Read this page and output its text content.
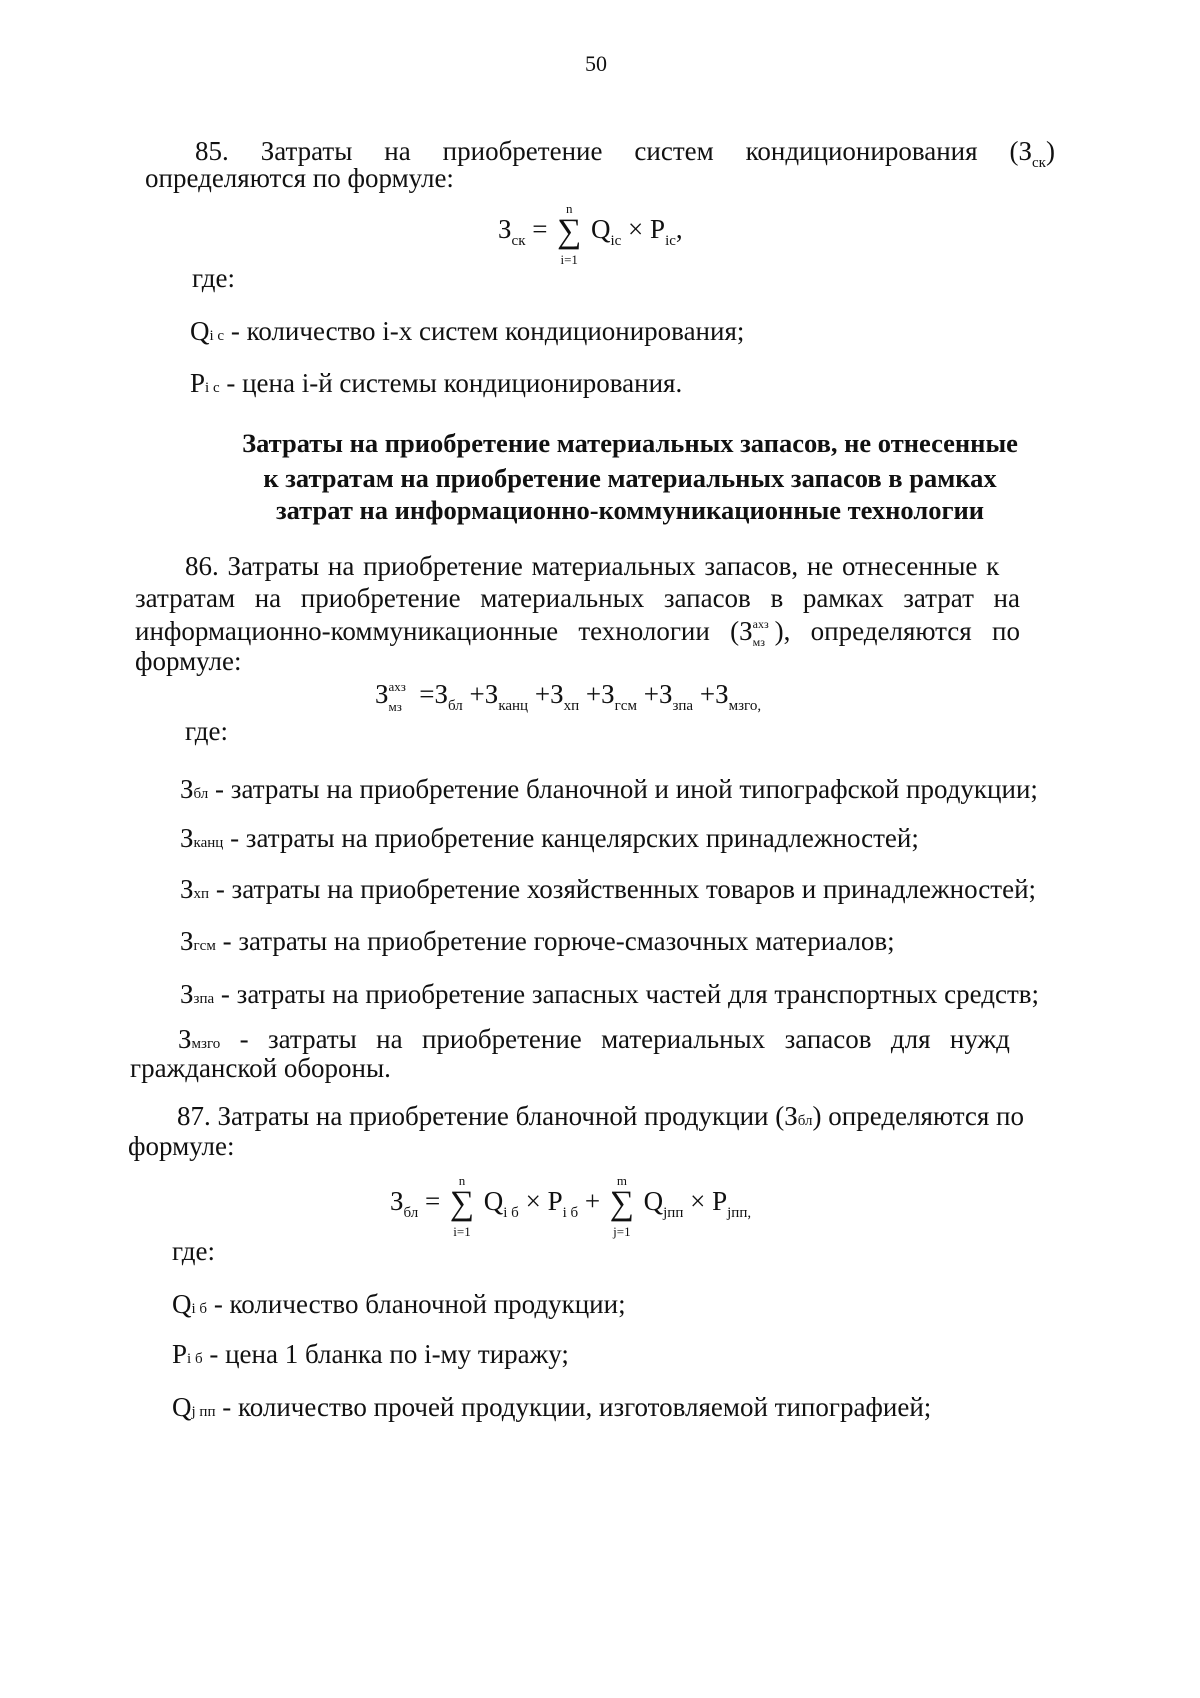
50
85. Затраты на приобретение систем кондиционирования $(З_{ск})$
определяются по формуле:
$З_{ск}$ = ∑
n
i=1
$Q_{ic} \times P_{ic}$,
где:
Qi c - количество i-х систем кондиционирования;
Pi c - цена i-й системы кондиционирования.
Затраты на приобретение материальных запасов, не отнесенные
к затратам на приобретение материальных запасов в рамках
затрат на информационно-коммуникационные технологии
86. Затраты на приобретение материальных запасов, не отнесенные к
затратам на приобретение материальных запасов в рамках затрат на
информационно-коммуникационные технологии (З axз
мз ), определяются по
формуле:
З axз
мз $=З_{бл} +З_{канц} +З_{хп} +З_{гсм} +З_{зпа} +З_{мзго,}$
где:
Збл - затраты на приобретение бланочной и иной типографской продукции;
Зканц - затраты на приобретение канцелярских принадлежностей;
Зхп - затраты на приобретение хозяйственных товаров и принадлежностей;
Згсм - затраты на приобретение горюче-смазочных материалов;
Ззпа - затраты на приобретение запасных частей для транспортных средств;
Змзго - затраты на приобретение материальных запасов для нужд
гражданской обороны.
87. Затраты на приобретение бланочной продукции (Збл) определяются по
формуле:
$З_{бл}$ = ∑
n
i=1
$Q_{i б} \times P_{i б}$ + ∑
m
j=1
$Q_{jпп} \times P_{jпп,}$
где:
Qi б - количество бланочной продукции;
Pi б - цена 1 бланка по i-му тиражу;
Qj пп - количество прочей продукции, изготовляемой типографией;
